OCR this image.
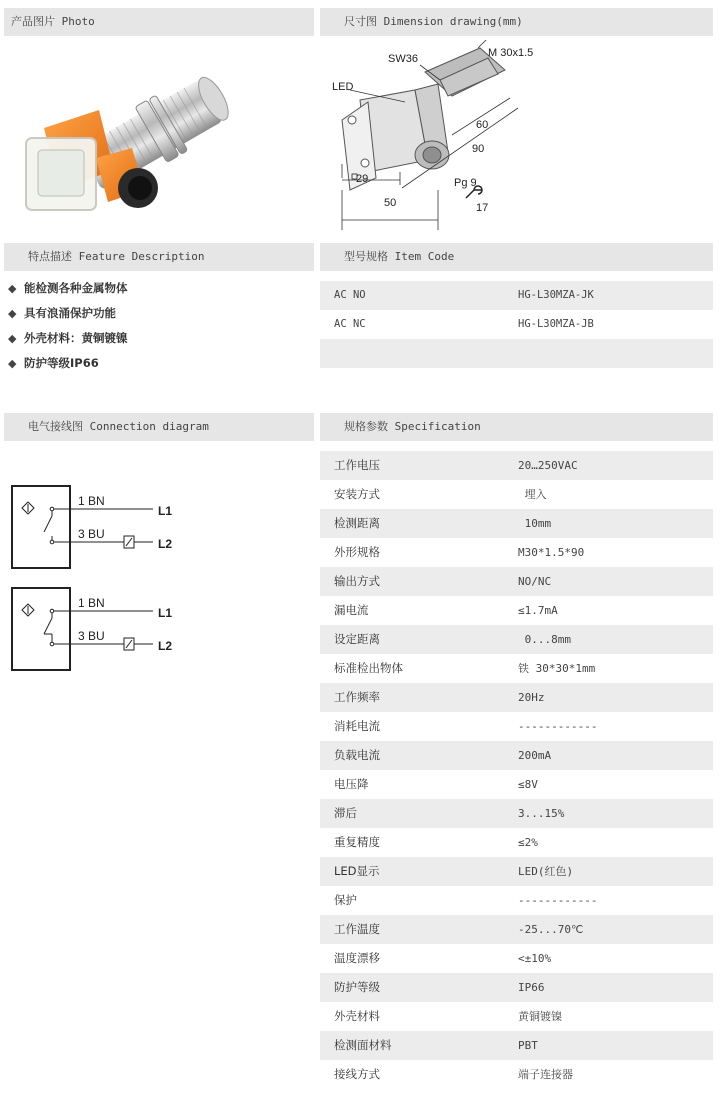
产品图片 Photo	尺寸图 Dimension drawing(mm)
LED
SW36	M 30x1.5
60
90
29
50
Pg 9
17
特点描述 Feature Description	型号规格 Item Code
◆ 能检测各种金属物体
◆ 具有浪涌保护功能
◆ 外壳材料：黄铜镀镍
◆ 防护等级IP66
AC NO	HG-L30MZA-JK
AC NC	HG-L30MZA-JB
电气接线图 Connection diagram	规格参数 Specification
1 BN
3 BU
L1
L2
1 BN
3 BU
L1
L2
工作电压	20…250VAC
安装方式	埋入
检测距离	10mm
外形规格	M30*1.5*90
输出方式	NO/NC
漏电流	≤1.7mA
设定距离	0...8mm
标准检出物体	铁 30*30*1mm
工作频率	20Hz
消耗电流	------------
负载电流	200mA
电压降	≤8V
滞后	3...15%
重复精度	≤2%
LED显示	LED(红色)
保护	------------
工作温度	-25...70℃
温度漂移	<±10%
防护等级	IP66
外壳材料	黄铜镀镍
检测面材料	PBT
接线方式	端子连接器
